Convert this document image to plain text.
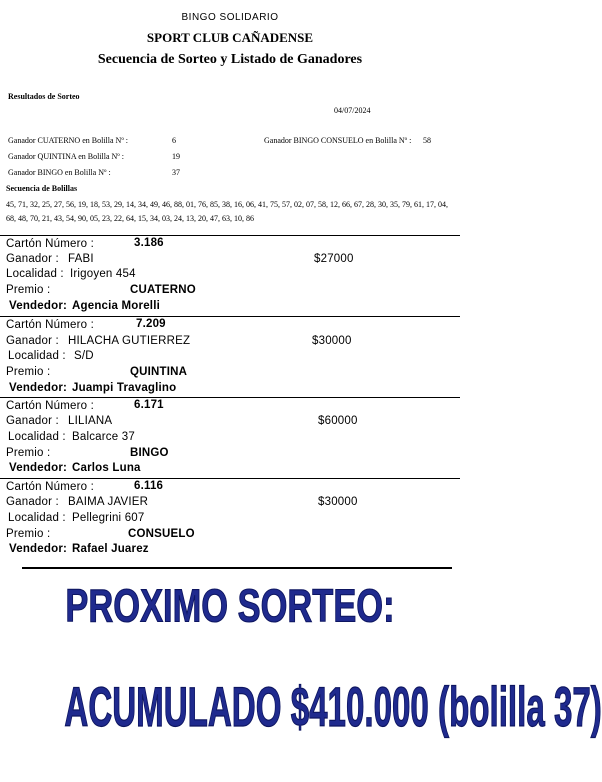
BINGO SOLIDARIO
SPORT CLUB CAÑADENSE
Secuencia de Sorteo y Listado de Ganadores
Resultados de Sorteo
04/07/2024
Ganador CUATERNO en Bolilla Nº :	6
Ganador QUINTINA en Bolilla Nº :	19
Ganador BINGO en Bolilla Nº :	37
Ganador BINGO CONSUELO en Bolilla Nº : 58
Secuencia de Bolillas
45, 71, 32, 25, 27, 56, 19, 18, 53, 29, 14, 34, 49, 46, 88, 01, 76, 85, 38, 16, 06, 41, 75, 57, 02, 07, 58, 12, 66, 67, 28, 30, 35, 79, 61, 17, 04, 68, 48, 70, 21, 43, 54, 90, 05, 23, 22, 64, 15, 34, 03, 24, 13, 20, 47, 63, 10, 86
Cartón Número :	3.186
Ganador : FABI	$27000
Localidad : Irigoyen 454
Premio :	CUATERNO
Vendedor: Agencia Morelli
Cartón Número :	7.209
Ganador : HILACHA GUTIERREZ	$30000
Localidad : S/D
Premio :	QUINTINA
Vendedor: Juampi Travaglino
Cartón Número :	6.171
Ganador : LILIANA	$60000
Localidad : Balcarce 37
Premio :	BINGO
Vendedor: Carlos Luna
Cartón Número :	6.116
Ganador : BAIMA JAVIER	$30000
Localidad : Pellegrini 607
Premio :	CONSUELO
Vendedor: Rafael Juarez
PROXIMO SORTEO:
ACUMULADO $410.000 (bolilla 37)
